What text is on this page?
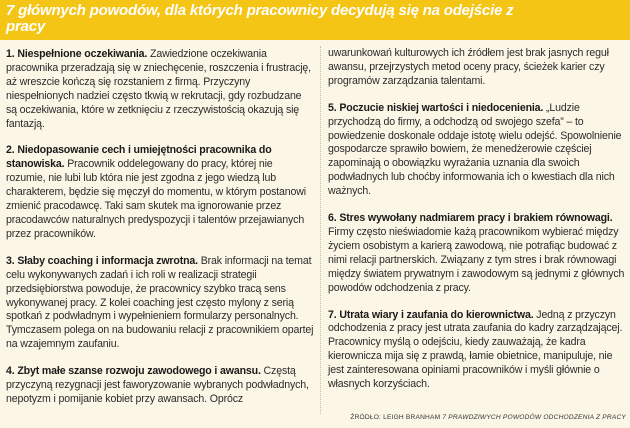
7 głównych powodów, dla których pracownicy decydują się na odejście z pracy

1. Niespełnione oczekiwania. Zawiedzione oczekiwania pracownika przeradzają się w zniechęcenie, roszczenia i frustrację, aż wreszcie kończą się rozstaniem z firmą. Przyczyny niespełnionych nadziei często tkwią w rekrutacji, gdy rozbudzane są oczekiwania, które w zetknięciu z rzeczywistością okazują się fantazją.

2. Niedopasowanie cech i umiejętności pracownika do stanowiska. Pracownik oddelegowany do pracy, której nie rozumie, nie lubi lub która nie jest zgodna z jego wiedzą lub charakterem, będzie się męczył do momentu, w którym postanowi zmienić pracodawcę. Taki sam skutek ma ignorowanie przez pracodawców naturalnych predyspozycji i talentów przejawianych przez pracowników.

3. Słaby coaching i informacja zwrotna. Brak informacji na temat celu wykonywanych zadań i ich roli w realizacji strategii przedsiębiorstwa powoduje, że pracownicy szybko tracą sens wykonywanej pracy. Z kolei coaching jest często mylony z serią spotkań z podwładnym i wypełnieniem formularzy personalnych. Tymczasem polega on na budowaniu relacji z pracownikiem opartej na wzajemnym zaufaniu.

4. Zbyt małe szanse rozwoju zawodowego i awansu. Częstą przyczyną rezygnacji jest faworyzowanie wybranych podwładnych, nepotyzm i pomijanie kobiet przy awansach. Oprócz

uwarunkowań kulturowych ich źródłem jest brak jasnych reguł awansu, przejrzystych metod oceny pracy, ścieżek karier czy programów zarządzania talentami.

5. Poczucie niskiej wartości i niedocenienia. „Ludzie przychodzą do firmy, a odchodzą od swojego szefa” – to powiedzenie doskonale oddaje istotę wielu odejść. Spowolnienie gospodarcze sprawiło bowiem, że menedżerowie częściej zapominają o obowiązku wyrażania uznania dla swoich podwładnych lub choćby informowania ich o kwestiach dla nich ważnych.

6. Stres wywołany nadmiarem pracy i brakiem równowagi. Firmy często nieświadomie każą pracownikom wybierać między życiem osobistym a karierą zawodową, nie potrafiąc budować z nimi relacji partnerskich. Związany z tym stres i brak równowagi między światem prywatnym i zawodowym są jednymi z głównych powodów odchodzenia z pracy.

7. Utrata wiary i zaufania do kierownictwa. Jedną z przyczyn odchodzenia z pracy jest utrata zaufania do kadry zarządzającej. Pracownicy myślą o odejściu, kiedy zauważają, że kadra kierownicza mija się z prawdą, łamie obietnice, manipuluje, nie jest zainteresowana opiniami pracowników i myśli głównie o własnych korzyściach.

ŹRÓDŁO: LEIGH BRANHAM 7 PRAWDZIWYCH POWODÓW ODCHODZENIA Z PRACY
